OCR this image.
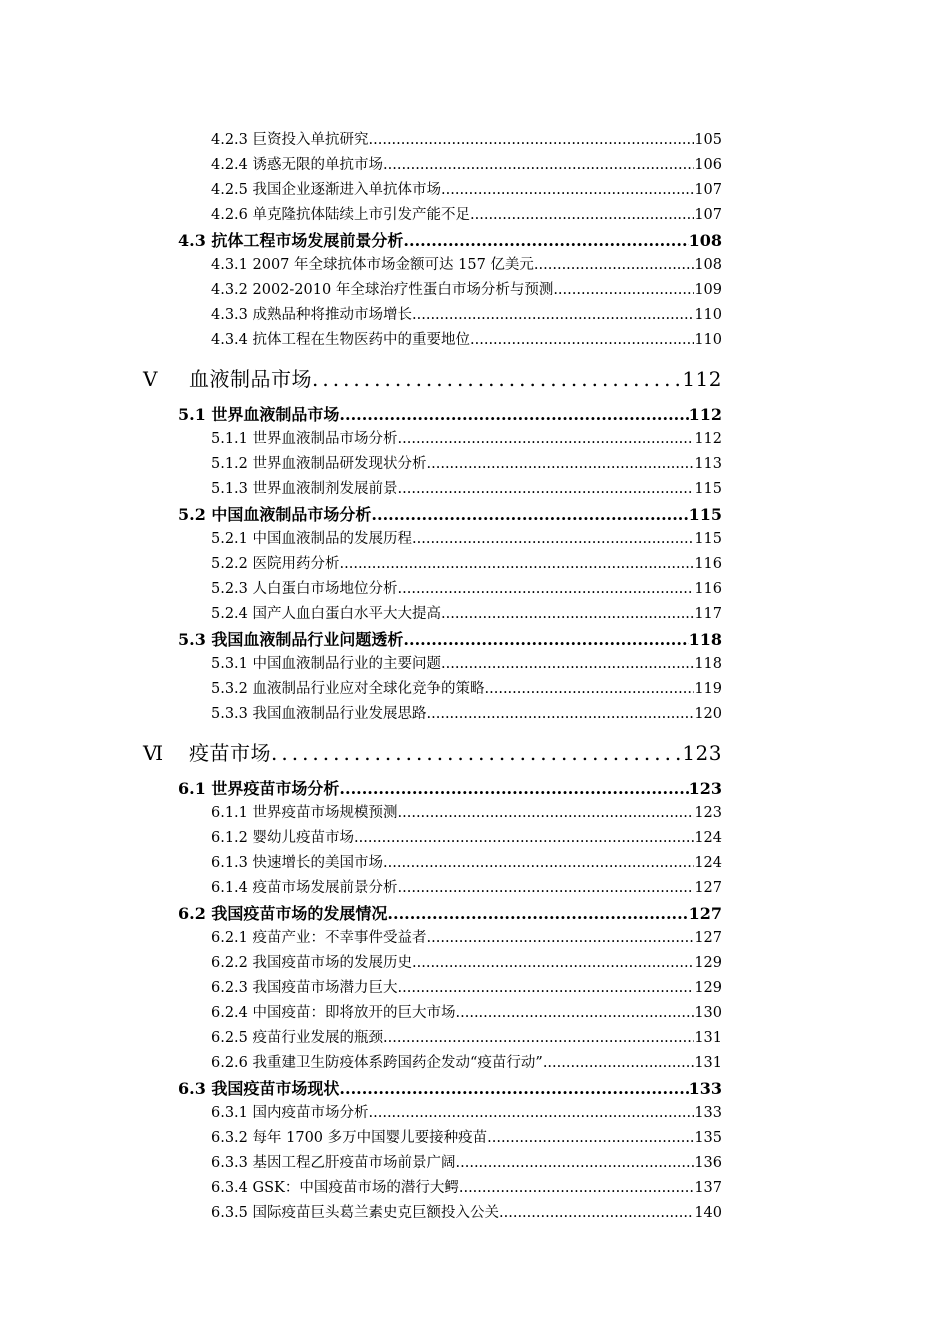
4.2.3 巨资投入单抗研究 .....	105
4.2.4 诱惑无限的单抗市场 .....	106
4.2.5 我国企业逐渐进入单抗体市场 .....	107
4.2.6 单克隆抗体陆续上市引发产能不足 .....	107
4.3 抗体工程市场发展前景分析 .....	108
4.3.1 2007 年全球抗体市场金额可达 157 亿美元 .....	108
4.3.2 2002-2010 年全球治疗性蛋白市场分析与预测 .....	109
4.3.3 成熟品种将推动市场增长 .....	110
4.3.4 抗体工程在生物医药中的重要地位 .....	110
Ⅴ 血液制品市场 .....	112
5.1 世界血液制品市场 .....	112
5.1.1 世界血液制品市场分析 .....	112
5.1.2 世界血液制品研发现状分析 .....	113
5.1.3 世界血液制剂发展前景 .....	115
5.2 中国血液制品市场分析 .....	115
5.2.1 中国血液制品的发展历程 .....	115
5.2.2 医院用药分析 .....	116
5.2.3 人白蛋白市场地位分析 .....	116
5.2.4 国产人血白蛋白水平大大提高 .....	117
5.3 我国血液制品行业问题透析 .....	118
5.3.1 中国血液制品行业的主要问题 .....	118
5.3.2 血液制品行业应对全球化竞争的策略 .....	119
5.3.3 我国血液制品行业发展思路 .....	120
Ⅵ 疫苗市场 .....	123
6.1 世界疫苗市场分析 .....	123
6.1.1 世界疫苗市场规模预测 .....	123
6.1.2 婴幼儿疫苗市场 .....	124
6.1.3 快速增长的美国市场 .....	124
6.1.4 疫苗市场发展前景分析 .....	127
6.2 我国疫苗市场的发展情况 .....	127
6.2.1 疫苗产业：不幸事件受益者 .....	127
6.2.2 我国疫苗市场的发展历史 .....	129
6.2.3 我国疫苗市场潜力巨大 .....	129
6.2.4 中国疫苗：即将放开的巨大市场 .....	130
6.2.5 疫苗行业发展的瓶颈 .....	131
6.2.6 我重建卫生防疫体系跨国药企发动“疫苗行动” .....	131
6.3 我国疫苗市场现状 .....	133
6.3.1 国内疫苗市场分析 .....	133
6.3.2 每年 1700 多万中国婴儿要接种疫苗 .....	135
6.3.3 基因工程乙肝疫苗市场前景广阔 .....	136
6.3.4 GSK：中国疫苗市场的潜行大鳄 .....	137
6.3.5 国际疫苗巨头葛兰素史克巨额投入公关 .....	140
